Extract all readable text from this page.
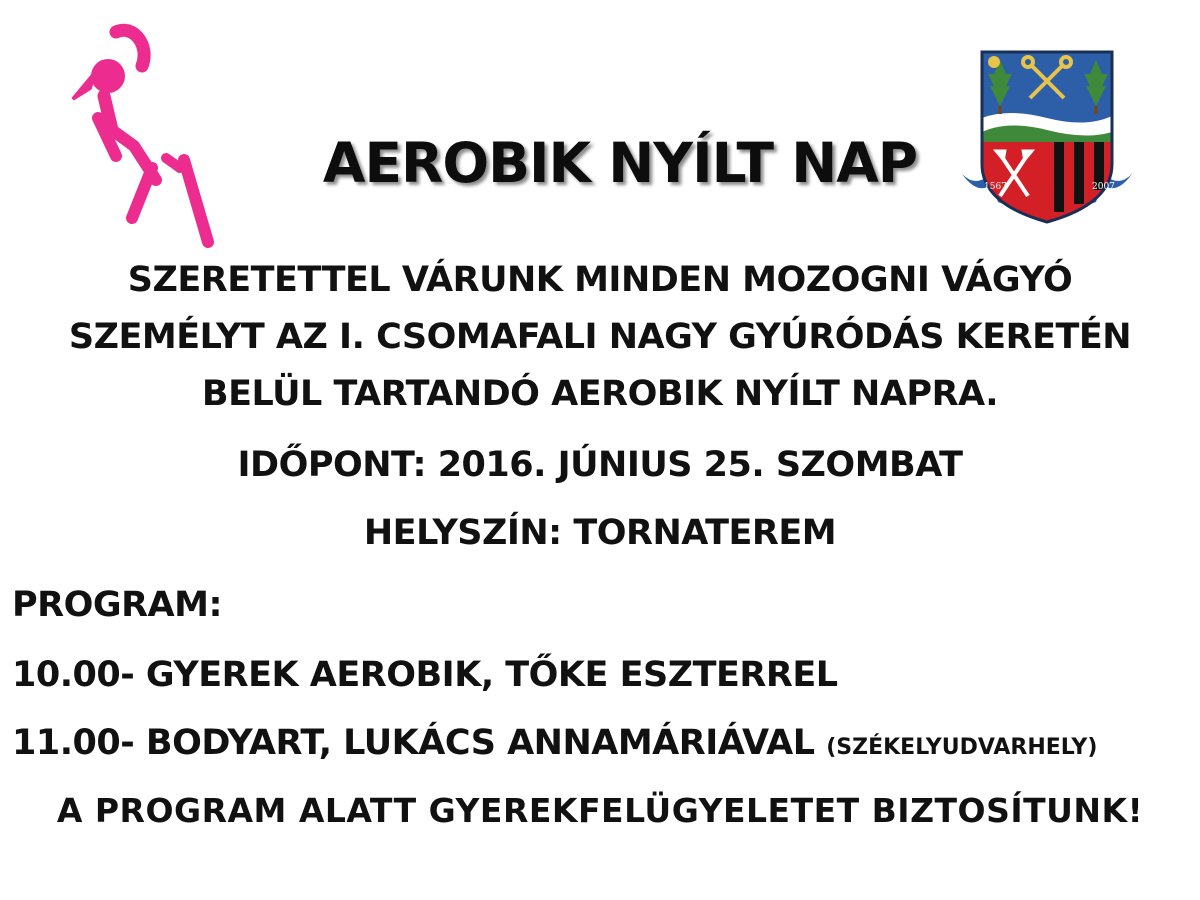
AEROBIK NYÍLT NAP	1567	2007
SZERETETTEL VÁRUNK MINDEN MOZOGNI VÁGYÓ
SZEMÉLYT AZ I. CSOMAFALI NAGY GYÚRÓDÁS KERETÉN
BELÜL TARTANDÓ AEROBIK NYÍLT NAPRA.
IDŐPONT: 2016. JÚNIUS 25. SZOMBAT
HELYSZÍN: TORNATEREM
PROGRAM:
10.00- GYEREK AEROBIK, TŐKE ESZTERREL
11.00- BODYART, LUKÁCS ANNAMÁRIÁVAL (SZÉKELYUDVARHELY)
A PROGRAM ALATT GYEREKFELÜGYELETET BIZTOSÍTUNK!
